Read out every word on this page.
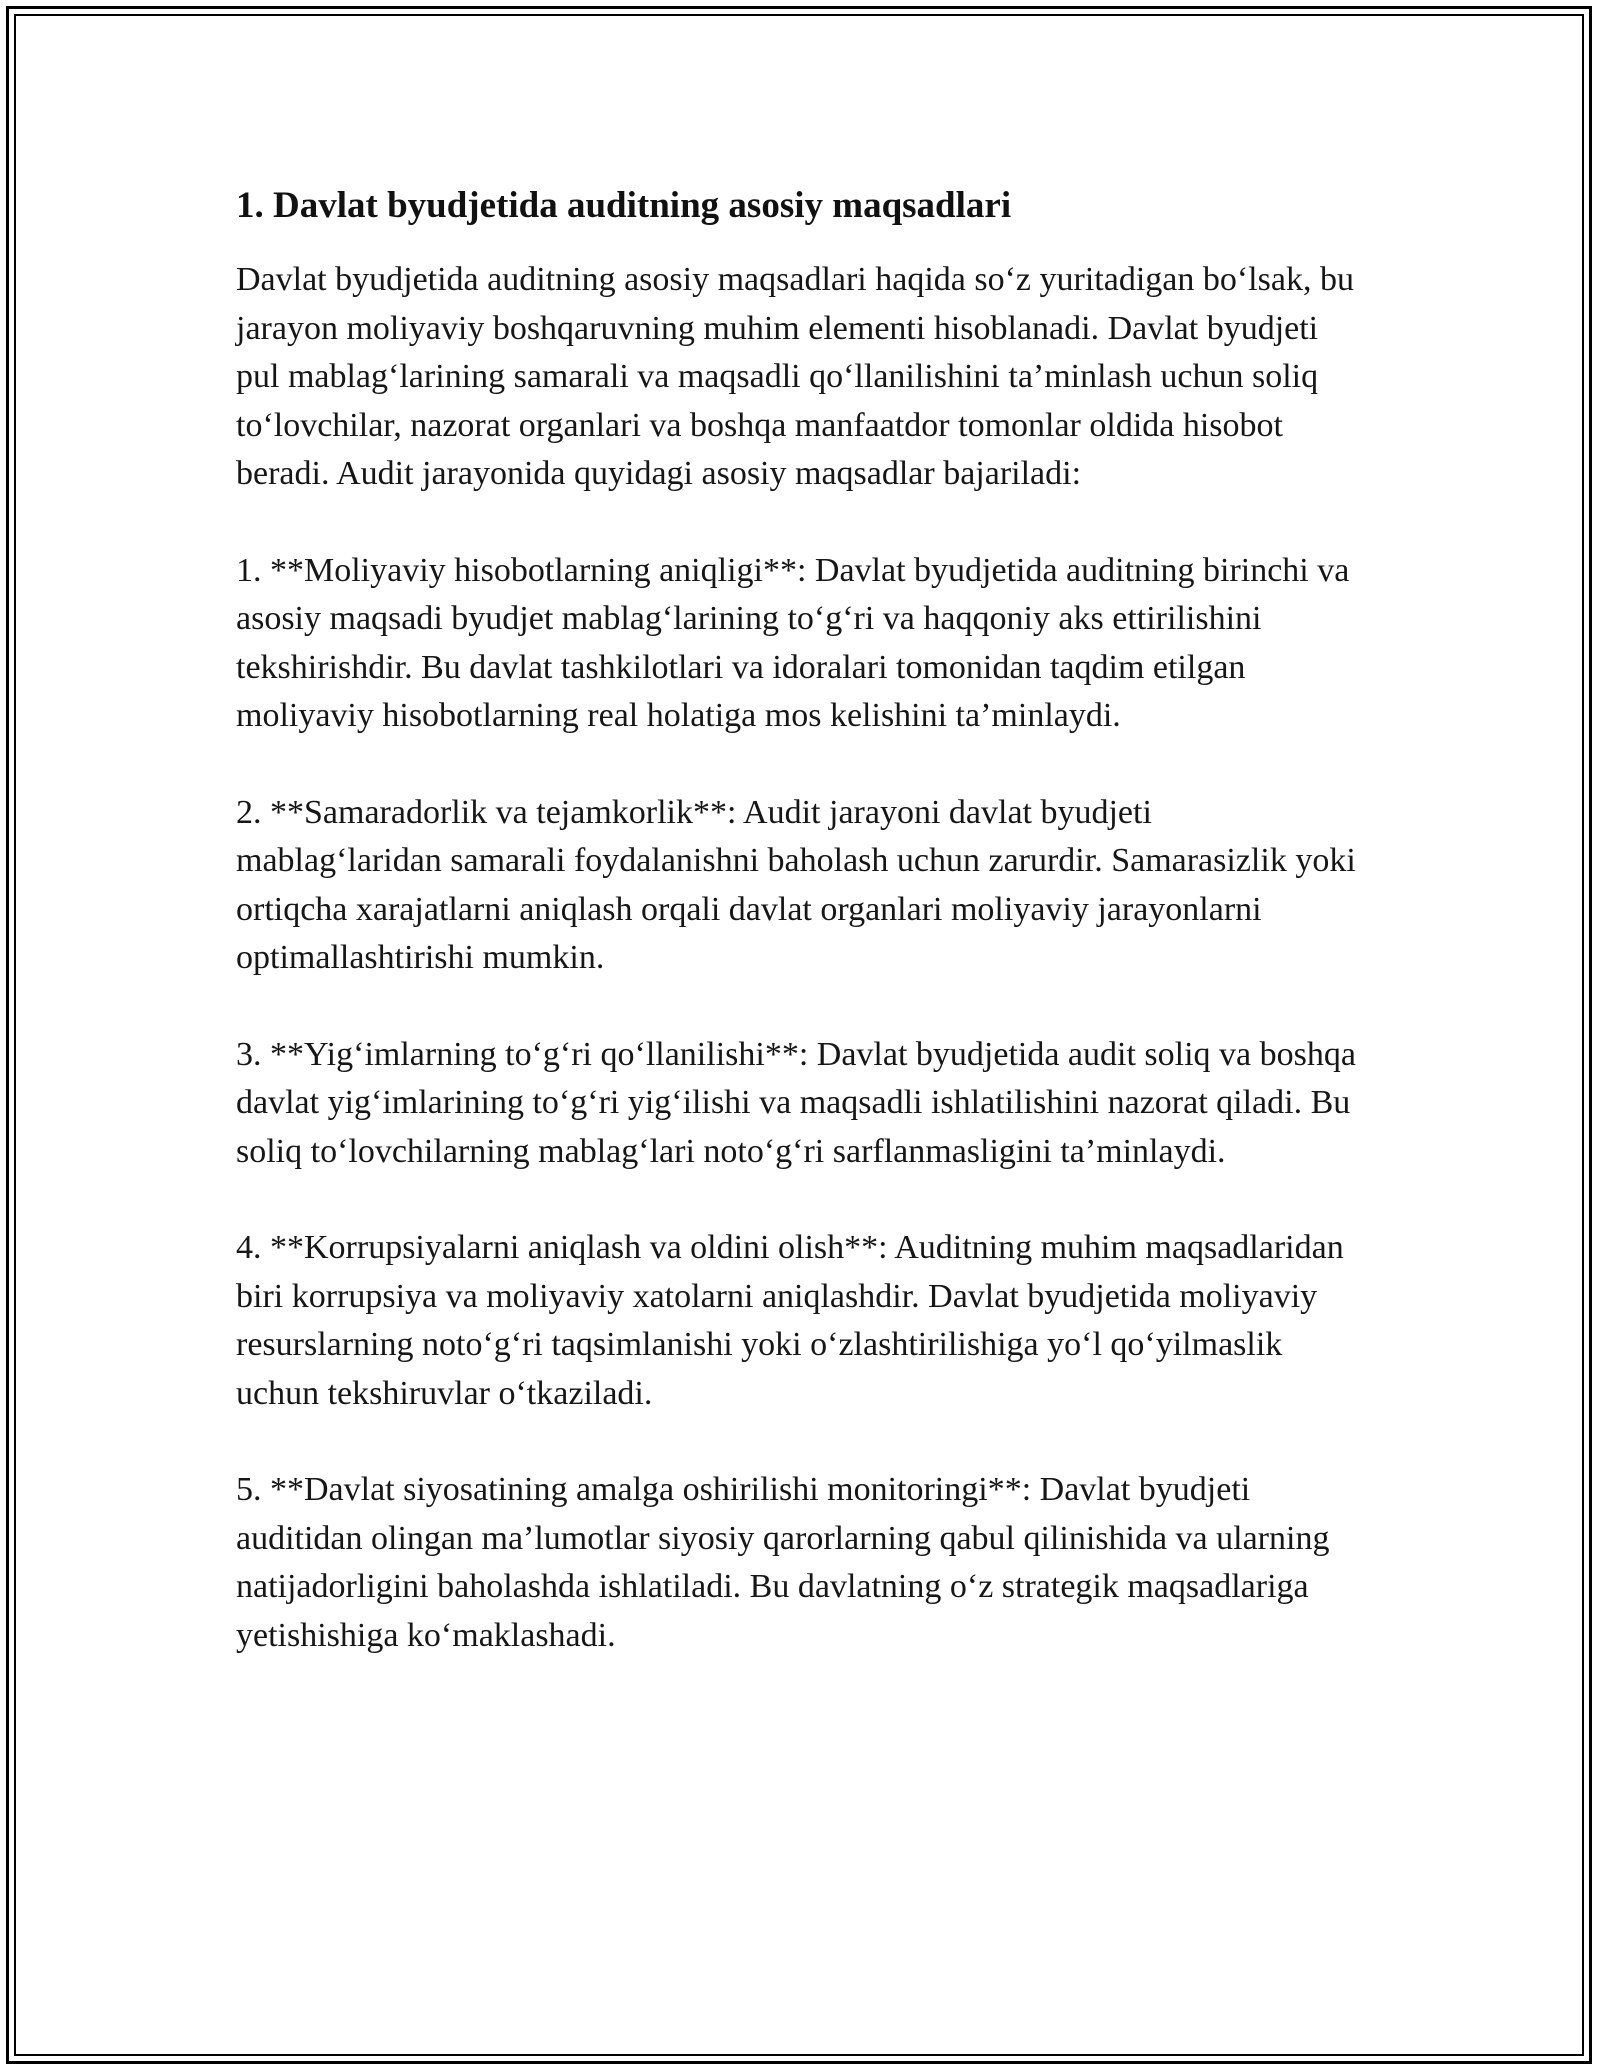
1. Davlat byudjetida auditning asosiy maqsadlari

Davlat byudjetida auditning asosiy maqsadlari haqida so‘z yuritadigan bo‘lsak, bu jarayon moliyaviy boshqaruvning muhim elementi hisoblanadi. Davlat byudjeti pul mablag‘larining samarali va maqsadli qo‘llanilishini ta’minlash uchun soliq to‘lovchilar, nazorat organlari va boshqa manfaatdor tomonlar oldida hisobot beradi. Audit jarayonida quyidagi asosiy maqsadlar bajariladi:

1. **Moliyaviy hisobotlarning aniqligi**: Davlat byudjetida auditning birinchi va asosiy maqsadi byudjet mablag‘larining to‘g‘ri va haqqoniy aks ettirilishini tekshirishdir. Bu davlat tashkilotlari va idoralari tomonidan taqdim etilgan moliyaviy hisobotlarning real holatiga mos kelishini ta’minlaydi.

2. **Samaradorlik va tejamkorlik**: Audit jarayoni davlat byudjeti mablag‘laridan samarali foydalanishni baholash uchun zarurdir. Samarasizlik yoki ortiqcha xarajatlarni aniqlash orqali davlat organlari moliyaviy jarayonlarni optimallashtirishi mumkin.

3. **Yig‘imlarning to‘g‘ri qo‘llanilishi**: Davlat byudjetida audit soliq va boshqa davlat yig‘imlarining to‘g‘ri yig‘ilishi va maqsadli ishlatilishini nazorat qiladi. Bu soliq to‘lovchilarning mablag‘lari noto‘g‘ri sarflanmasligini ta’minlaydi.

4. **Korrupsiyalarni aniqlash va oldini olish**: Auditning muhim maqsadlaridan biri korrupsiya va moliyaviy xatolarni aniqlashdir. Davlat byudjetida moliyaviy resurslarning noto‘g‘ri taqsimlanishi yoki o‘zlashtirilishiga yo‘l qo‘yilmaslik uchun tekshiruvlar o‘tkaziladi.

5. **Davlat siyosatining amalga oshirilishi monitoringi**: Davlat byudjeti auditidan olingan ma’lumotlar siyosiy qarorlarning qabul qilinishida va ularning natijadorligini baholashda ishlatiladi. Bu davlatning o‘z strategik maqsadlariga yetishishiga ko‘maklashadi.
